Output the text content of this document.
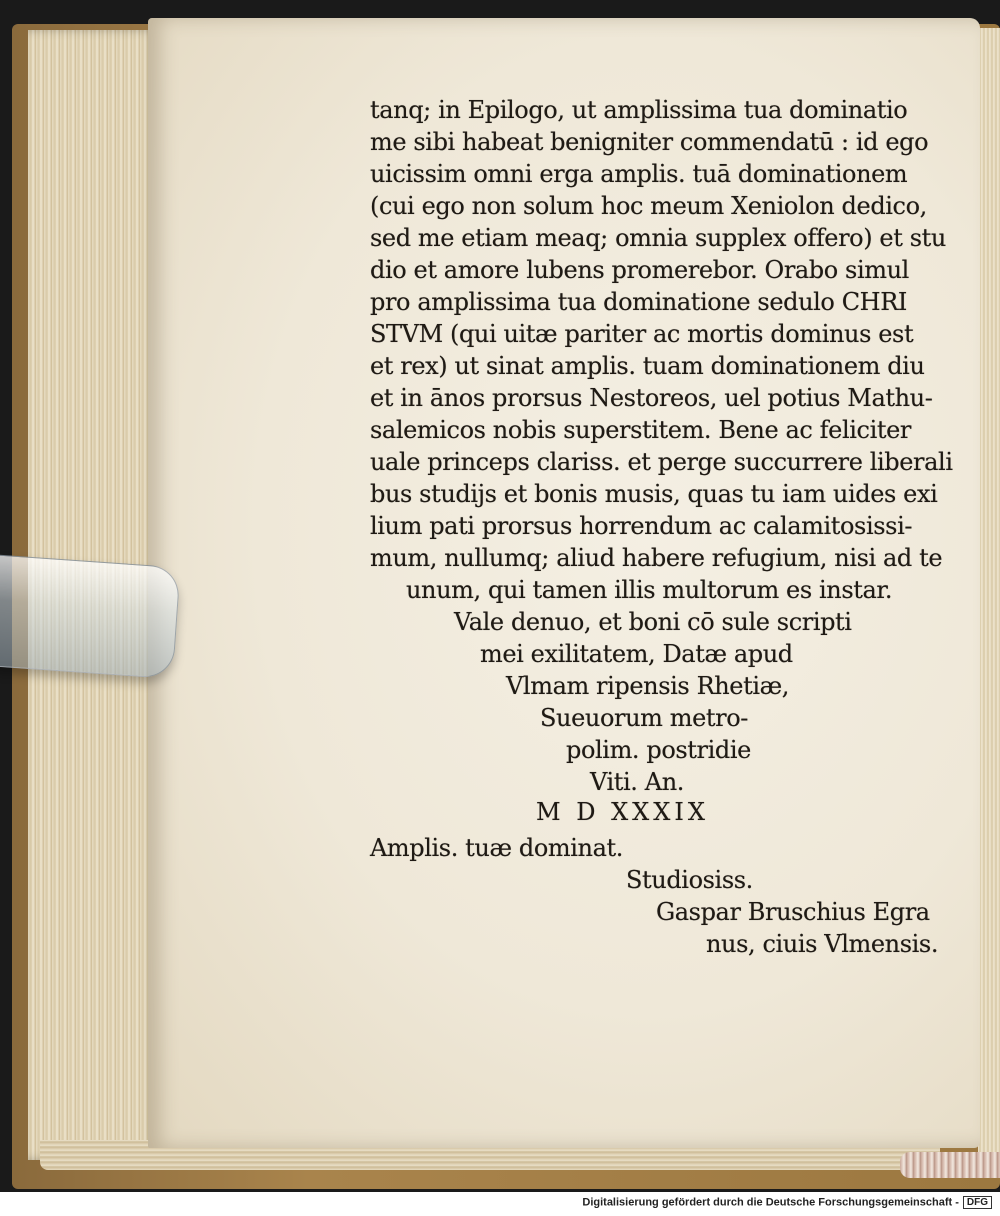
tanq; in Epilogo, ut amplissima tua dominatio
me sibi habeat benigniter commendatū : id ego
uicissim omni erga amplis. tuā dominationem
(cui ego non solum hoc meum Xeniolon dedico,
sed me etiam meaq; omnia supplex offero) et stu
dio et amore lubens promerebor. Orabo simul
pro amplissima tua dominatione sedulo CHRI
STVM (qui uitæ pariter ac mortis dominus est
et rex) ut sinat amplis. tuam dominationem diu
et in ānos prorsus Nestoreos, uel potius Mathu-
salemicos nobis superstitem. Bene ac feliciter
uale princeps clariss. et perge succurrere liberali
bus studijs et bonis musis, quas tu iam uides exi
lium pati prorsus horrendum ac calamitosissi-
mum, nullumq; aliud habere refugium, nisi ad te
unum, qui tamen illis multorum es instar.
Vale denuo, et boni cō sule scripti
mei exilitatem, Datæ apud
Vlmam ripensis Rhetiæ,
Sueuorum metro-
polim. postridie
Viti. An.
M D XXXIX
Amplis. tuæ dominat.
Studiosiss.
Gaspar Bruschius Egra
nus, ciuis Vlmensis.
Digitalisierung gefördert durch die Deutsche Forschungsgemeinschaft - DFG
